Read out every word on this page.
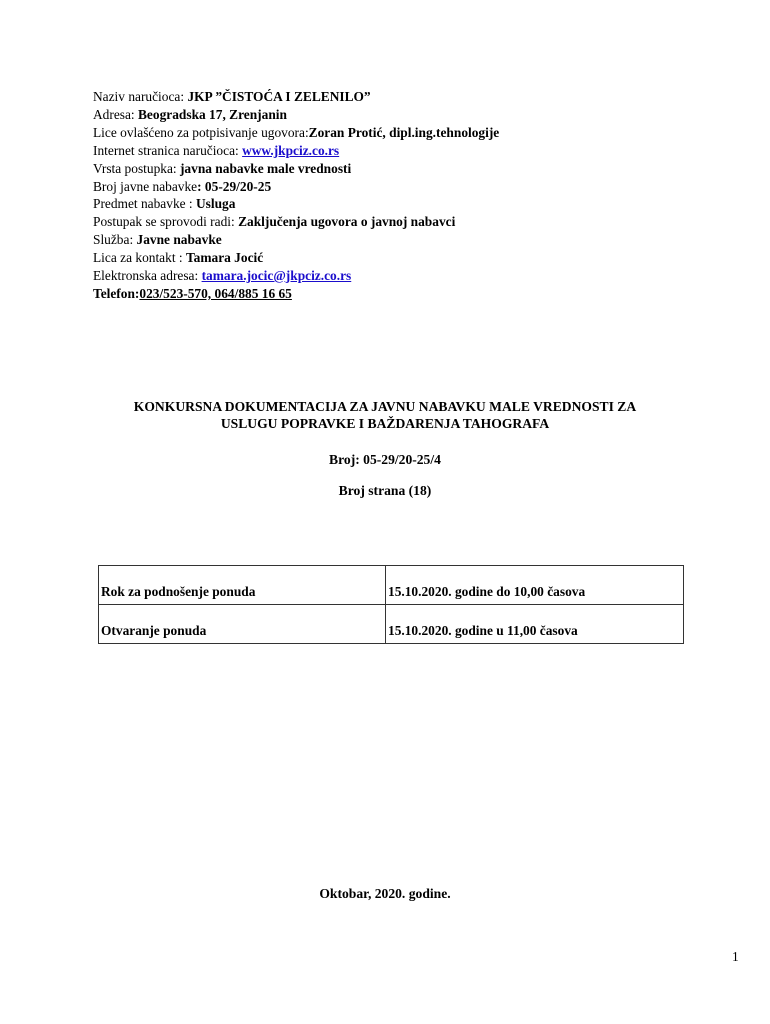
Naziv naručioca: JKP ”ČISTOĆA I ZELENILO”
Adresa: Beogradska 17, Zrenjanin
Lice ovlašćeno za potpisivanje ugovora:Zoran Protić, dipl.ing.tehnologije
Internet stranica naručioca: www.jkpciz.co.rs
Vrsta postupka: javna nabavke male vrednosti
Broj javne nabavke: 05-29/20-25
Predmet nabavke : Usluga
Postupak se sprovodi radi: Zaključenja ugovora o javnoj nabavci
Služba: Javne nabavke
Lica za kontakt : Tamara Jocić
Elektronska adresa: tamara.jocic@jkpciz.co.rs
Telefon:023/523-570, 064/885 16 65
KONKURSNA DOKUMENTACIJA ZA JAVNU NABAVKU MALE VREDNOSTI ZA
USLUGU POPRAVKE I BAŽDARENJA TAHOGRAFA
Broj: 05-29/20-25/4
Broj strana (18)
Rok za podnošenje ponuda	15.10.2020. godine do 10,00 časova
Otvaranje ponuda	15.10.2020. godine u 11,00 časova
Oktobar, 2020. godine.
1
